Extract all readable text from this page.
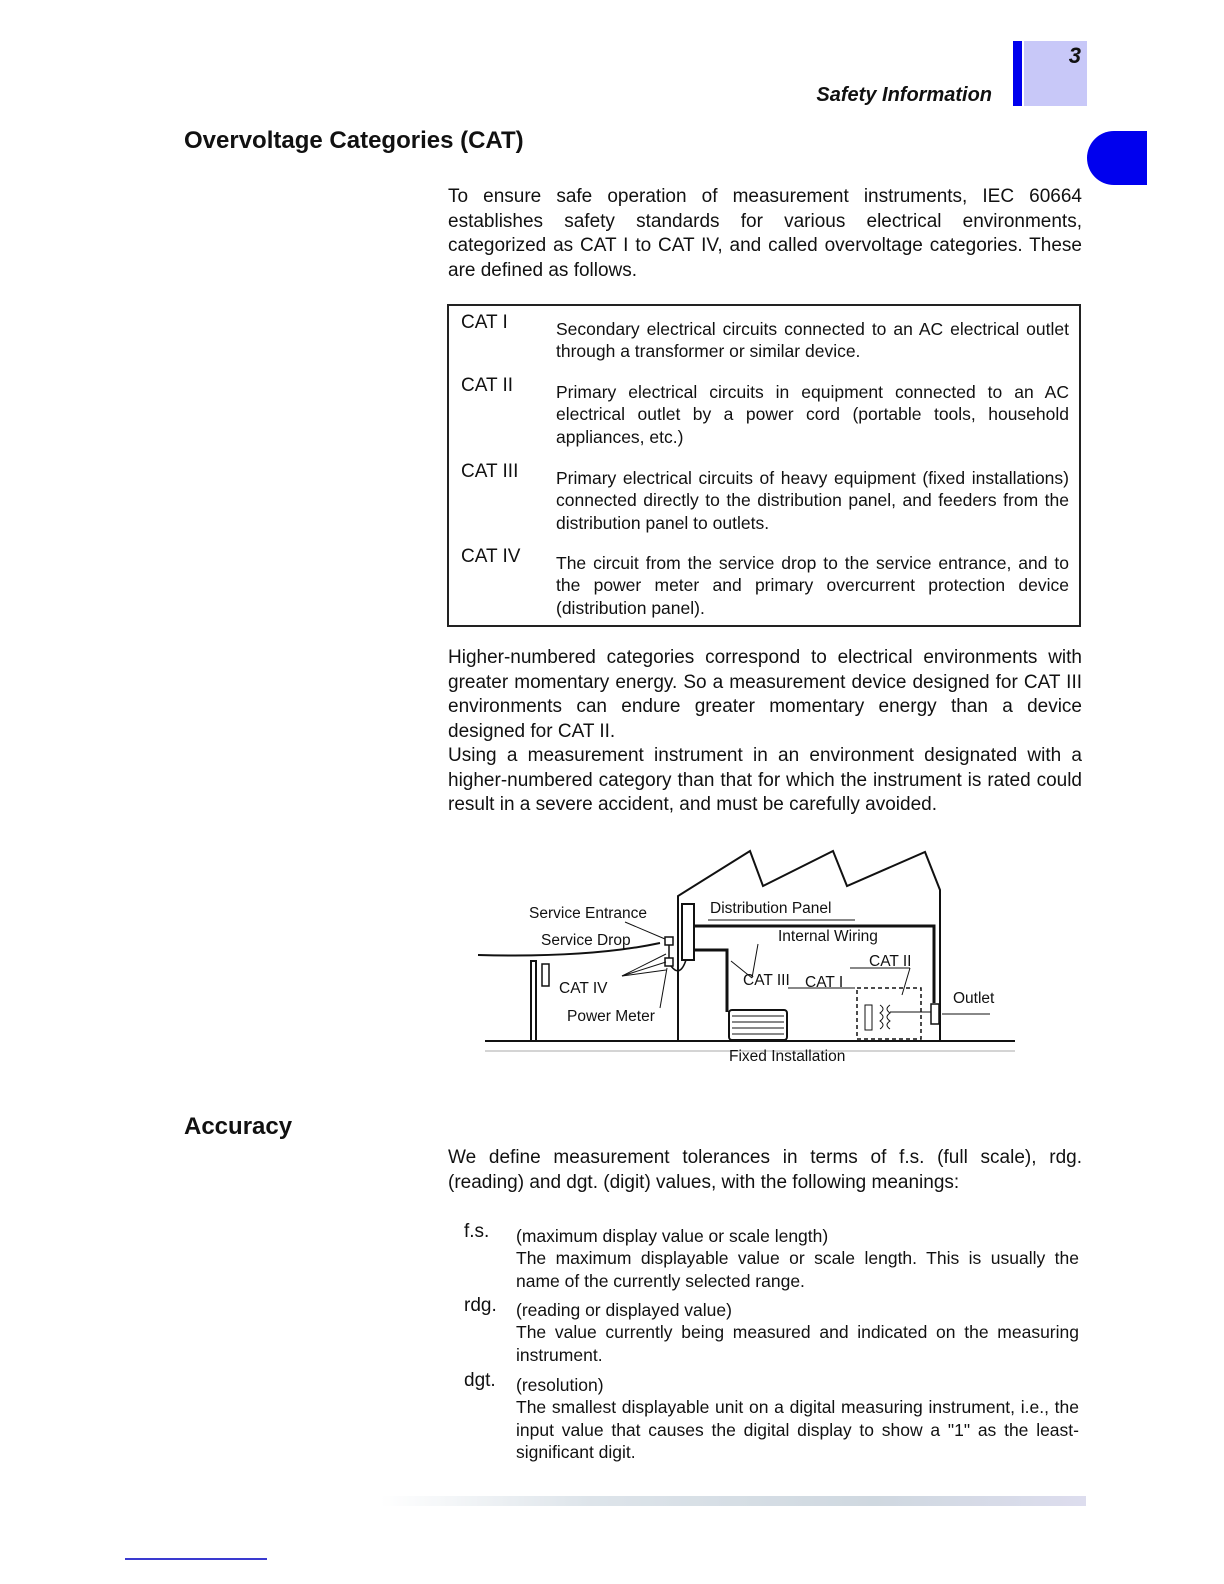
Safety Information
3
Overvoltage Categories (CAT)
To ensure safe operation of measurement instruments, IEC 60664 establishes safety standards for various electrical environments, categorized as CAT I to CAT IV, and called overvoltage categories. These are defined as follows.
CAT I	Secondary electrical circuits connected to an AC electrical outlet through a transformer or similar device.
CAT II Primary electrical circuits in equipment connected to an AC electrical outlet by a power cord (portable tools, household appliances, etc.)
CAT III Primary electrical circuits of heavy equipment (fixed installations) connected directly to the distribution panel, and feeders from the distribution panel to outlets.
CAT IV The circuit from the service drop to the service entrance, and to the power meter and primary overcurrent protection device (distribution panel).
Higher-numbered categories correspond to electrical environments with greater momentary energy. So a measurement device designed for CAT III environments can endure greater momentary energy than a device designed for CAT II.
Using a measurement instrument in an environment designated with a higher-numbered category than that for which the instrument is rated could result in a severe accident, and must be carefully avoided.
Service Entrance
Service Drop
Distribution Panel
Internal Wiring
CAT II
CAT III CAT I
CAT IV
Outlet
Power Meter
Fixed Installation
Accuracy
We define measurement tolerances in terms of f.s. (full scale), rdg. (reading) and dgt. (digit) values, with the following meanings:
f.s. (maximum display value or scale length)
The maximum displayable value or scale length. This is usually the name of the currently selected range.
rdg. (reading or displayed value)
The value currently being measured and indicated on the measuring instrument.
dgt. (resolution)
The smallest displayable unit on a digital measuring instrument, i.e., the input value that causes the digital display to show a "1" as the least-significant digit.
